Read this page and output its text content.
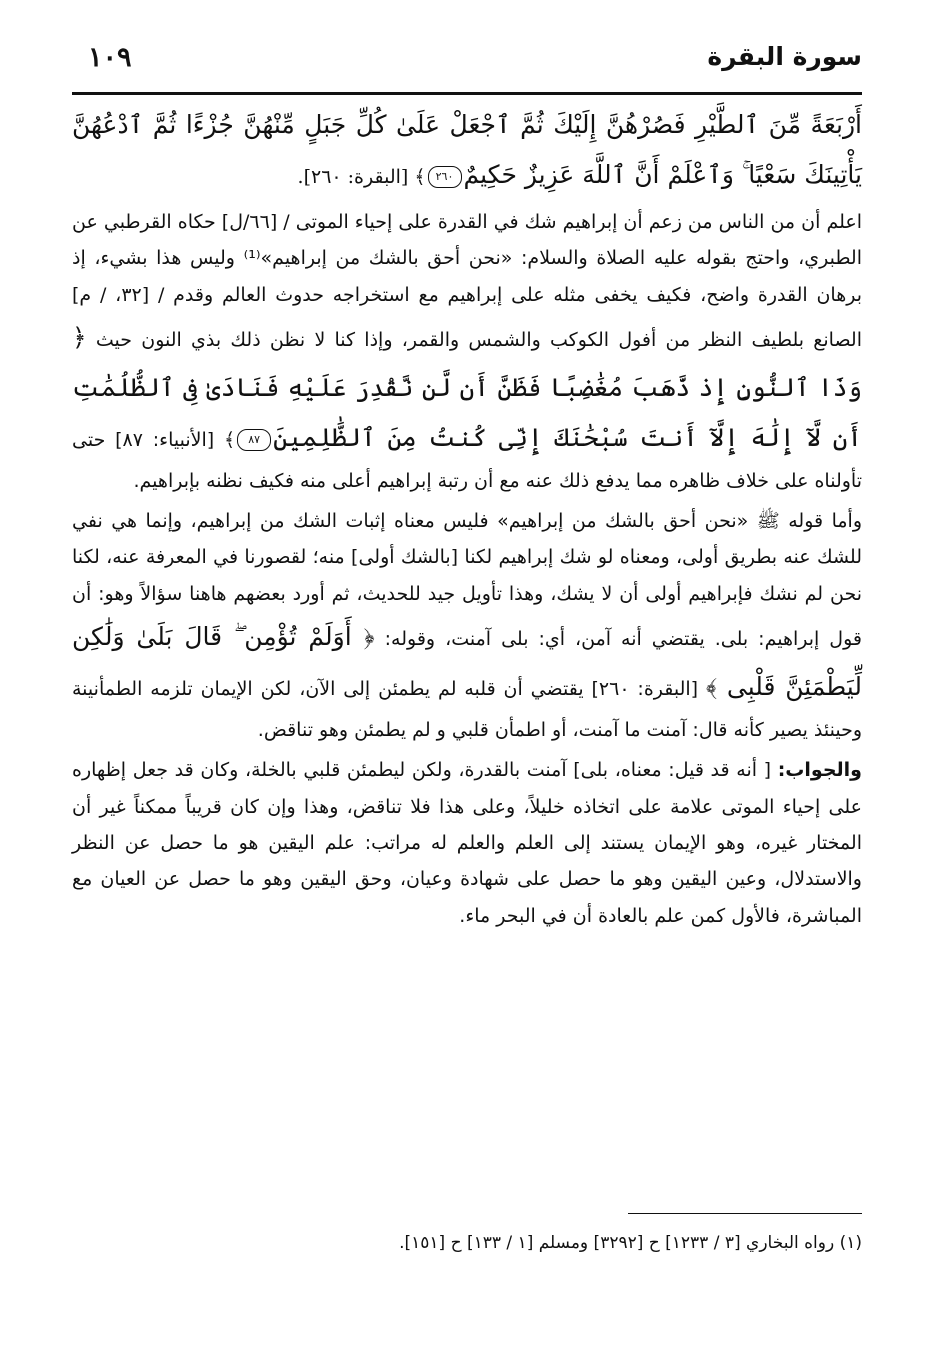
١٠٩	سورة البقرة

أَرْبَعَةً مِّنَ ٱلطَّيْرِ فَصُرْهُنَّ إِلَيْكَ ثُمَّ ٱجْعَلْ عَلَىٰ كُلِّ جَبَلٍ مِّنْهُنَّ جُزْءًا ثُمَّ ٱدْعُهُنَّ يَأْتِينَكَ سَعْيًا ۚ وَٱعْلَمْ أَنَّ ٱللَّهَ عَزِيزٌ حَكِيمٌ٢٦٠﴾ [البقرة: ٢٦٠].

اعلم أن من الناس من زعم أن إبراهيم شك في القدرة على إحياء الموتى / [٦٦/ل] حكاه القرطبي عن الطبري، واحتج بقوله عليه الصلاة والسلام: «نحن أحق بالشك من إبراهيم»⁽¹⁾ وليس هذا بشيء، إذ برهان القدرة واضح، فكيف يخفى مثله على إبراهيم مع استخراجه حدوث العالم وقدم / [٣٢، / م] الصانع بلطيف النظر من أفول الكوكب والشمس والقمر، وإذا كنا لا نظن ذلك بذي النون حيث ﴿ وَذَا ٱلنُّونِ إِذ ذَّهَبَ مُغَٰضِبًا فَظَنَّ أَن لَّن نَّقْدِرَ عَلَيْهِ فَنَادَىٰ فِى ٱلظُّلُمَٰتِ أَن لَّآ إِلَٰهَ إِلَّآ أَنتَ سُبْحَٰنَكَ إِنِّى كُنتُ مِنَ ٱلظَّٰلِمِينَ٨٧﴾ [الأنبياء: ٨٧] حتى تأولناه على خلاف ظاهره مما يدفع ذلك عنه مع أن رتبة إبراهيم أعلى منه فكيف نظنه بإبراهيم.

وأما قوله ﷺ «نحن أحق بالشك من إبراهيم» فليس معناه إثبات الشك من إبراهيم، وإنما هي نفي للشك عنه بطريق أولى، ومعناه لو شك إبراهيم لكنا [بالشك أولى] منه؛ لقصورنا في المعرفة عنه، لكنا نحن لم نشك فإبراهيم أولى أن لا يشك، وهذا تأويل جيد للحديث، ثم أورد بعضهم هاهنا سؤالاً وهو: أن قول إبراهيم: بلى. يقتضي أنه آمن، أي: بلى آمنت، وقوله: ﴿ أَوَلَمْ تُؤْمِن ۖ قَالَ بَلَىٰ وَلَٰكِن لِّيَطْمَئِنَّ قَلْبِى ﴾ [البقرة: ٢٦٠] يقتضي أن قلبه لم يطمئن إلى الآن، لكن الإيمان تلزمه الطمأنينة وحينئذ يصير كأنه قال: آمنت ما آمنت، أو اطمأن قلبي و لم يطمئن وهو تناقض.

والجواب: [ أنه قد قيل: معناه، بلى] آمنت بالقدرة، ولكن ليطمئن قلبي بالخلة، وكان قد جعل إظهاره على إحياء الموتى علامة على اتخاذه خليلاً، وعلى هذا فلا تناقض، وهذا وإن كان قريباً ممكناً غير أن المختار غيره، وهو الإيمان يستند إلى العلم والعلم له مراتب: علم اليقين هو ما حصل عن النظر والاستدلال، وعين اليقين وهو ما حصل على شهادة وعيان، وحق اليقين وهو ما حصل عن العيان مع المباشرة، فالأول كمن علم بالعادة أن في البحر ماء.

(١) رواه البخاري [٣ / ١٢٣٣] ح [٣٢٩٢] ومسلم [١ / ١٣٣] ح [١٥١].
